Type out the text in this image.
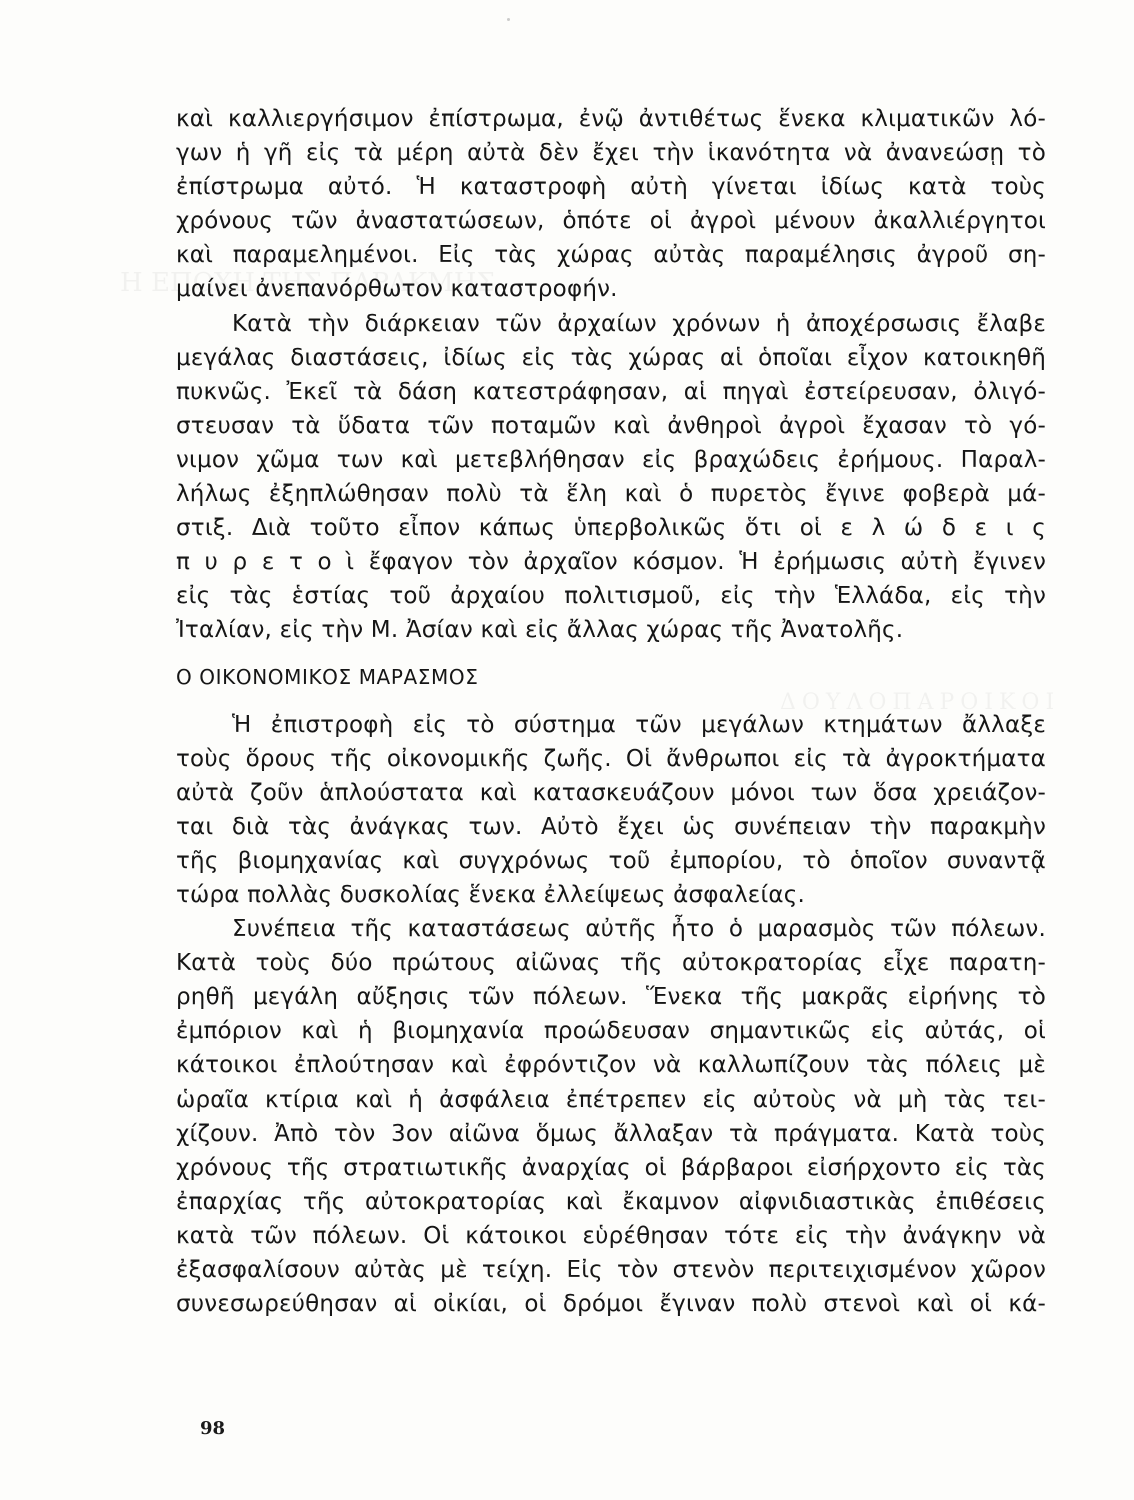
καὶ καλλιεργήσιμον ἐπίστρωμα, ἐνῷ ἀντιθέτως ἕνεκα κλιματικῶν λό-
γων ἡ γῆ εἰς τὰ μέρη αὐτὰ δὲν ἔχει τὴν ἱκανότητα νὰ ἀνανεώσῃ τὸ
ἐπίστρωμα αὐτό. Ἡ καταστροφὴ αὐτὴ γίνεται ἰδίως κατὰ τοὺς
χρόνους τῶν ἀναστατώσεων, ὁπότε οἱ ἀγροὶ μένουν ἀκαλλιέργητοι
καὶ παραμελημένοι. Εἰς τὰς χώρας αὐτὰς παραμέλησις ἀγροῦ ση-
μαίνει ἀνεπανόρθωτον καταστροφήν.
Κατὰ τὴν διάρκειαν τῶν ἀρχαίων χρόνων ἡ ἀποχέρσωσις ἔλαβε
μεγάλας διαστάσεις, ἰδίως εἰς τὰς χώρας αἱ ὁποῖαι εἶχον κατοικηθῆ
πυκνῶς. Ἐκεῖ τὰ δάση κατεστράφησαν, αἱ πηγαὶ ἐστείρευσαν, ὀλιγό-
στευσαν τὰ ὕδατα τῶν ποταμῶν καὶ ἀνθηροὶ ἀγροὶ ἔχασαν τὸ γό-
νιμον χῶμα των καὶ μετεβλήθησαν εἰς βραχώδεις ἐρήμους. Παραλ-
λήλως ἐξηπλώθησαν πολὺ τὰ ἕλη καὶ ὁ πυρετὸς ἔγινε φοβερὰ μά-
στιξ. Διὰ τοῦτο εἶπον κάπως ὑπερβολικῶς ὅτι οἱ ε λ ώ δ ε ι ς
π υ ρ ε τ ο ὶ ἔφαγον τὸν ἀρχαῖον κόσμον. Ἡ ἐρήμωσις αὐτὴ ἔγινεν
εἰς τὰς ἑστίας τοῦ ἀρχαίου πολιτισμοῦ, εἰς τὴν Ἑλλάδα, εἰς τὴν
Ἰταλίαν, εἰς τὴν Μ. Ἀσίαν καὶ εἰς ἄλλας χώρας τῆς Ἀνατολῆς.
Ο ΟΙΚΟΝΟΜΙΚΟΣ ΜΑΡΑΣΜΟΣ
Ἡ ἐπιστροφὴ εἰς τὸ σύστημα τῶν μεγάλων κτημάτων ἄλλαξε
τοὺς ὅρους τῆς οἰκονομικῆς ζωῆς. Οἱ ἄνθρωποι εἰς τὰ ἀγροκτήματα
αὐτὰ ζοῦν ἁπλούστατα καὶ κατασκευάζουν μόνοι των ὅσα χρειάζον-
ται διὰ τὰς ἀνάγκας των. Αὐτὸ ἔχει ὡς συνέπειαν τὴν παρακμὴν
τῆς βιομηχανίας καὶ συγχρόνως τοῦ ἐμπορίου, τὸ ὁποῖον συναντᾷ
τώρα πολλὰς δυσκολίας ἕνεκα ἐλλείψεως ἀσφαλείας.
Συνέπεια τῆς καταστάσεως αὐτῆς ἦτο ὁ μαρασμὸς τῶν πόλεων.
Κατὰ τοὺς δύο πρώτους αἰῶνας τῆς αὐτοκρατορίας εἶχε παρατη-
ρηθῆ μεγάλη αὔξησις τῶν πόλεων. Ἕνεκα τῆς μακρᾶς εἰρήνης τὸ
ἐμπόριον καὶ ἡ βιομηχανία προώδευσαν σημαντικῶς εἰς αὐτάς, οἱ
κάτοικοι ἐπλούτησαν καὶ ἐφρόντιζον νὰ καλλωπίζουν τὰς πόλεις μὲ
ὡραῖα κτίρια καὶ ἡ ἀσφάλεια ἐπέτρεπεν εἰς αὐτοὺς νὰ μὴ τὰς τει-
χίζουν. Ἀπὸ τὸν 3ον αἰῶνα ὅμως ἄλλαξαν τὰ πράγματα. Κατὰ τοὺς
χρόνους τῆς στρατιωτικῆς ἀναρχίας οἱ βάρβαροι εἰσήρχοντο εἰς τὰς
ἐπαρχίας τῆς αὐτοκρατορίας καὶ ἔκαμνον αἰφνιδιαστικὰς ἐπιθέσεις
κατὰ τῶν πόλεων. Οἱ κάτοικοι εὑρέθησαν τότε εἰς τὴν ἀνάγκην νὰ
ἐξασφαλίσουν αὐτὰς μὲ τείχη. Εἰς τὸν στενὸν περιτειχισμένον χῶρον
συνεσωρεύθησαν αἱ οἰκίαι, οἱ δρόμοι ἔγιναν πολὺ στενοὶ καὶ οἱ κά-
98
